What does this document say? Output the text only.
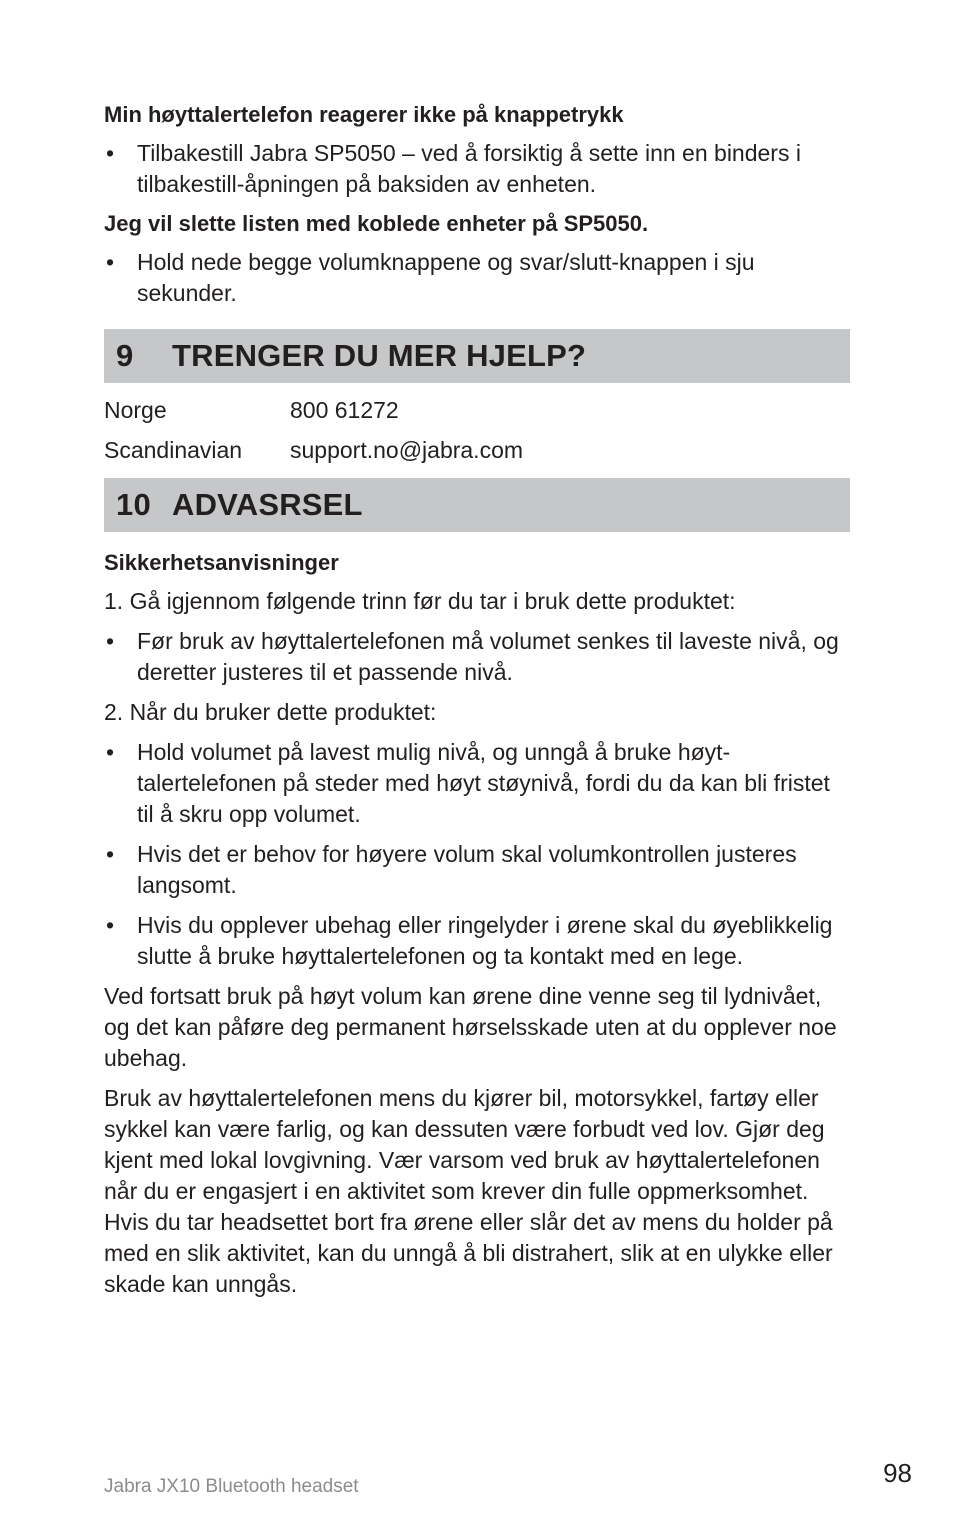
Min høyttalertelefon reagerer ikke på knappetrykk
• Tilbakestill Jabra SP5050 – ved å forsiktig å sette inn en binders i tilbakestill-åpningen på baksiden av enheten.
Jeg vil slette listen med koblede enheter på SP5050.
• Hold nede begge volumknappene og svar/slutt-knappen i sju sekunder.
9	TRENGER DU MER HJELP?
Norge	800 61272
Scandinavian	support.no@jabra.com
10 ADVASRSEL
Sikkerhetsanvisninger
1. Gå igjennom følgende trinn før du tar i bruk dette produktet:
• Før bruk av høyttalertelefonen må volumet senkes til laveste nivå, og deretter justeres til et passende nivå.
2. Når du bruker dette produktet:
• Hold volumet på lavest mulig nivå, og unngå å bruke høyt-talertelefonen på steder med høyt støynivå, fordi du da kan bli fristet til å skru opp volumet.
• Hvis det er behov for høyere volum skal volumkontrollen justeres langsomt.
• Hvis du opplever ubehag eller ringelyder i ørene skal du øyeblikkelig slutte å bruke høyttalertelefonen og ta kontakt med en lege.
Ved fortsatt bruk på høyt volum kan ørene dine venne seg til lydnivået, og det kan påføre deg permanent hørselsskade uten at du opplever noe ubehag.
Bruk av høyttalertelefonen mens du kjører bil, motorsykkel, fartøy eller sykkel kan være farlig, og kan dessuten være forbudt ved lov. Gjør deg kjent med lokal lovgivning. Vær varsom ved bruk av høyttalertelefonen når du er engasjert i en aktivitet som krever din fulle oppmerksomhet. Hvis du tar headsettet bort fra ørene eller slår det av mens du holder på med en slik aktivitet, kan du unngå å bli distrahert, slik at en ulykke eller skade kan unngås.
Jabra JX10 Bluetooth headset	98
